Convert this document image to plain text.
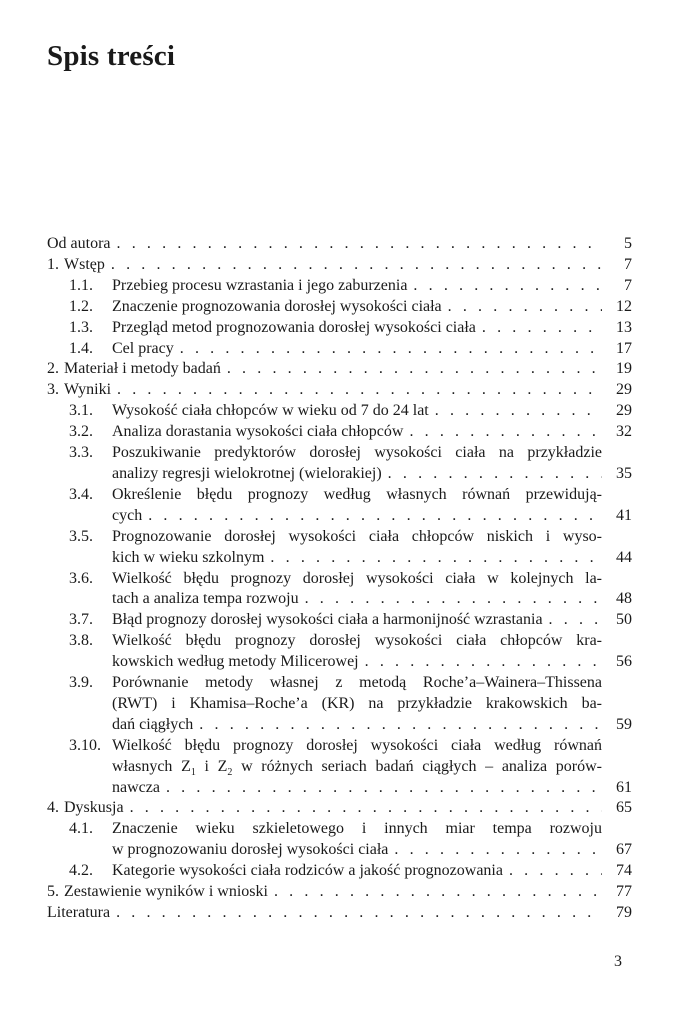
Spis treści
Od autora . . .	5
1. Wstęp . . .	7
1.1.	Przebieg procesu wzrastania i jego zaburzenia . . .	7
1.2.	Znaczenie prognozowania dorosłej wysokości ciała . . .	12
1.3.	Przegląd metod prognozowania dorosłej wysokości ciała . . .	13
1.4.	Cel pracy . . .	17
2. Materiał i metody badań . . .	19
3. Wyniki . . .	29
3.1.	Wysokość ciała chłopców w wieku od 7 do 24 lat . . .	29
3.2.	Analiza dorastania wysokości ciała chłopców . . .	32
3.3.	Poszukiwanie predyktorów dorosłej wysokości ciała na przykładzie
analizy regresji wielokrotnej (wielorakiej) . . .	35
3.4.	Określenie błędu prognozy według własnych równań przewidują-
cych . . .	41
3.5.	Prognozowanie dorosłej wysokości ciała chłopców niskich i wyso-
kich w wieku szkolnym . . .	44
3.6.	Wielkość błędu prognozy dorosłej wysokości ciała w kolejnych la-
tach a analiza tempa rozwoju . . .	48
3.7.	Błąd prognozy dorosłej wysokości ciała a harmonijność wzrastania . . .	50
3.8.	Wielkość błędu prognozy dorosłej wysokości ciała chłopców kra-
kowskich według metody Milicerowej . . .	56
3.9.	Porównanie metody własnej z metodą Roche’a–Wainera–Thissena
(RWT) i Khamisa–Roche’a (KR) na przykładzie krakowskich ba-
dań ciągłych . . .	59
3.10. Wielkość błędu prognozy dorosłej wysokości ciała według równań
własnych $Z_1$ i $Z_2$ w różnych seriach badań ciągłych – analiza porów-
nawcza . . .	61
4. Dyskusja . . .	65
4.1.	Znaczenie wieku szkieletowego i innych miar tempa rozwoju
w prognozowaniu dorosłej wysokości ciała . . .	67
4.2.	Kategorie wysokości ciała rodziców a jakość prognozowania . . .	74
5. Zestawienie wyników i wnioski . . .	77
Literatura . . .	79
3
